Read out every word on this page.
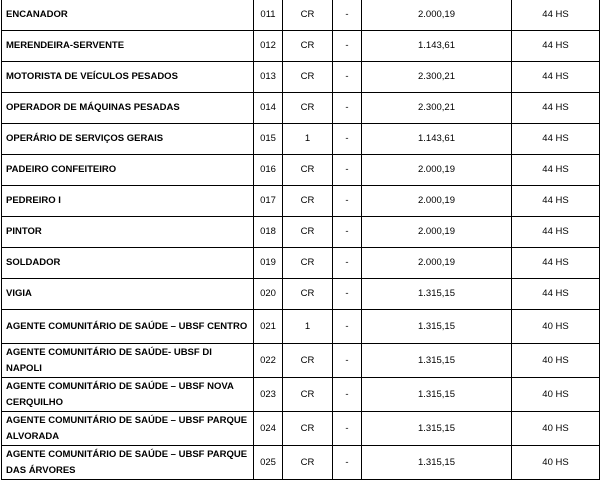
ENCANADOR	011	CR	-	2.000,19	44 HS
MERENDEIRA-SERVENTE	012	CR	-	1.143,61	44 HS
MOTORISTA DE VEÍCULOS PESADOS	013	CR	-	2.300,21	44 HS
OPERADOR DE MÁQUINAS PESADAS	014	CR	-	2.300,21	44 HS
OPERÁRIO DE SERVIÇOS GERAIS	015	1	-	1.143,61	44 HS
PADEIRO CONFEITEIRO	016	CR	-	2.000,19	44 HS
PEDREIRO I	017	CR	-	2.000,19	44 HS
PINTOR	018	CR	-	2.000,19	44 HS
SOLDADOR	019	CR	-	2.000,19	44 HS
VIGIA	020	CR	-	1.315,15	44 HS
AGENTE COMUNITÁRIO DE SAÚDE – UBSF CENTRO	021	1	-	1.315,15	40 HS
AGENTE COMUNITÁRIO DE SAÚDE- UBSF DI NAPOLI	022	CR	-	1.315,15	40 HS
AGENTE COMUNITÁRIO DE SAÚDE – UBSF NOVA CERQUILHO	023	CR	-	1.315,15	40 HS
AGENTE COMUNITÁRIO DE SAÚDE – UBSF PARQUE ALVORADA	024	CR	-	1.315,15	40 HS
AGENTE COMUNITÁRIO DE SAÚDE – UBSF PARQUE DAS ÁRVORES	025	CR	-	1.315,15	40 HS
